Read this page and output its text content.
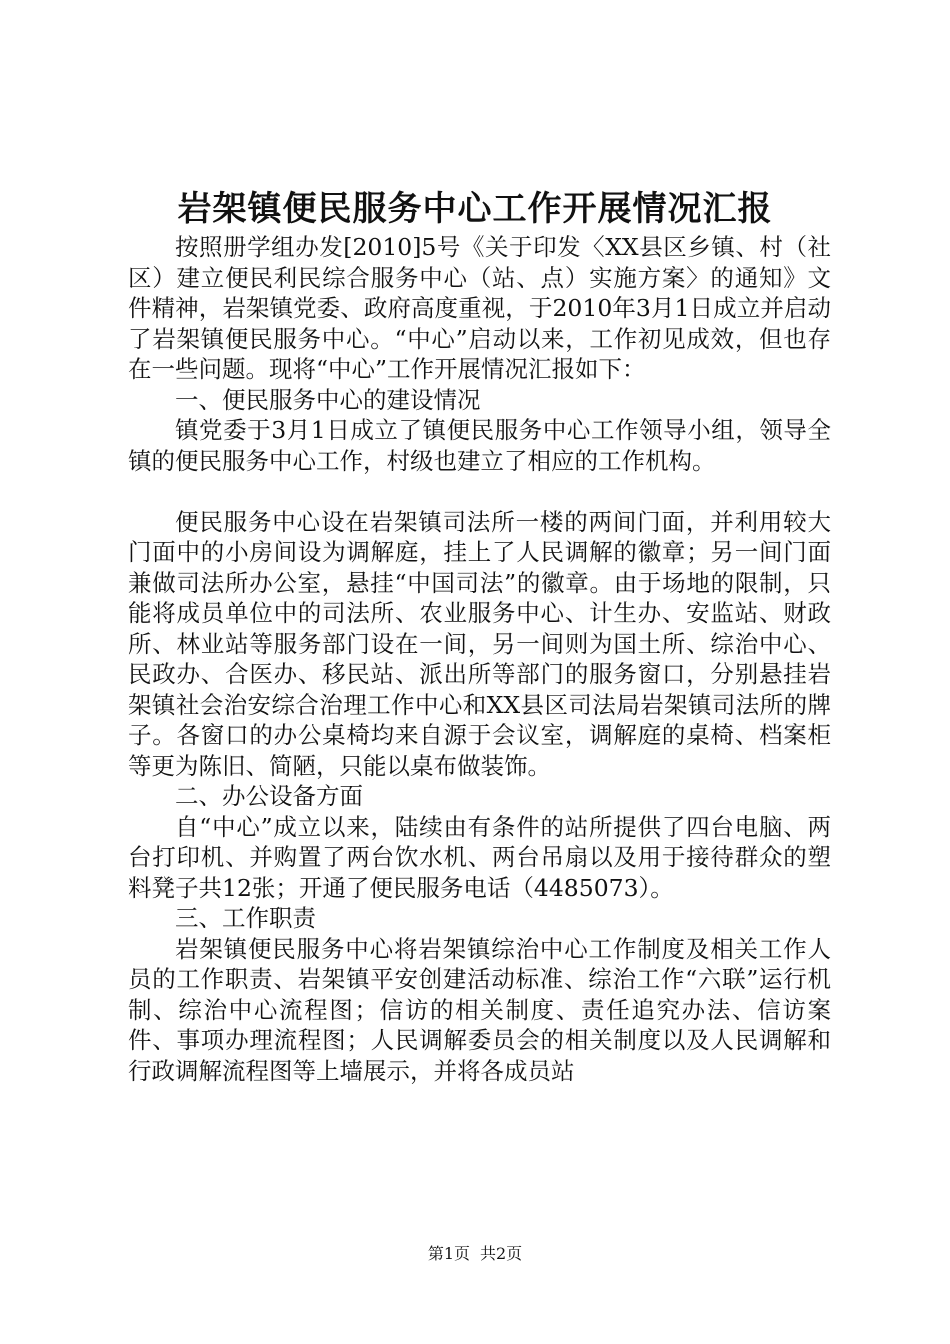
岩架镇便民服务中心工作开展情况汇报

按照册学组办发[2010]5号《关于印发〈XX县区乡镇、村（社区）建立便民利民综合服务中心（站、点）实施方案〉的通知》文件精神，岩架镇党委、政府高度重视，于2010年3月1日成立并启动了岩架镇便民服务中心。“中心”启动以来，工作初见成效，但也存在一些问题。现将“中心”工作开展情况汇报如下：

一、便民服务中心的建设情况

镇党委于3月1日成立了镇便民服务中心工作领导小组，领导全镇的便民服务中心工作，村级也建立了相应的工作机构。

便民服务中心设在岩架镇司法所一楼的两间门面，并利用较大门面中的小房间设为调解庭，挂上了人民调解的徽章；另一间门面兼做司法所办公室，悬挂“中国司法”的徽章。由于场地的限制，只能将成员单位中的司法所、农业服务中心、计生办、安监站、财政所、林业站等服务部门设在一间，另一间则为国土所、综治中心、民政办、合医办、移民站、派出所等部门的服务窗口，分别悬挂岩架镇社会治安综合治理工作中心和XX县区司法局岩架镇司法所的牌子。各窗口的办公桌椅均来自源于会议室，调解庭的桌椅、档案柜等更为陈旧、简陋，只能以桌布做装饰。

二、办公设备方面

自“中心”成立以来，陆续由有条件的站所提供了四台电脑、两台打印机、并购置了两台饮水机、两台吊扇以及用于接待群众的塑料凳子共12张；开通了便民服务电话（4485073）。

三、工作职责

岩架镇便民服务中心将岩架镇综治中心工作制度及相关工作人员的工作职责、岩架镇平安创建活动标准、综治工作“六联”运行机制、综治中心流程图；信访的相关制度、责任追究办法、信访案件、事项办理流程图；人民调解委员会的相关制度以及人民调解和行政调解流程图等上墙展示，并将各成员站

第1页 共2页
